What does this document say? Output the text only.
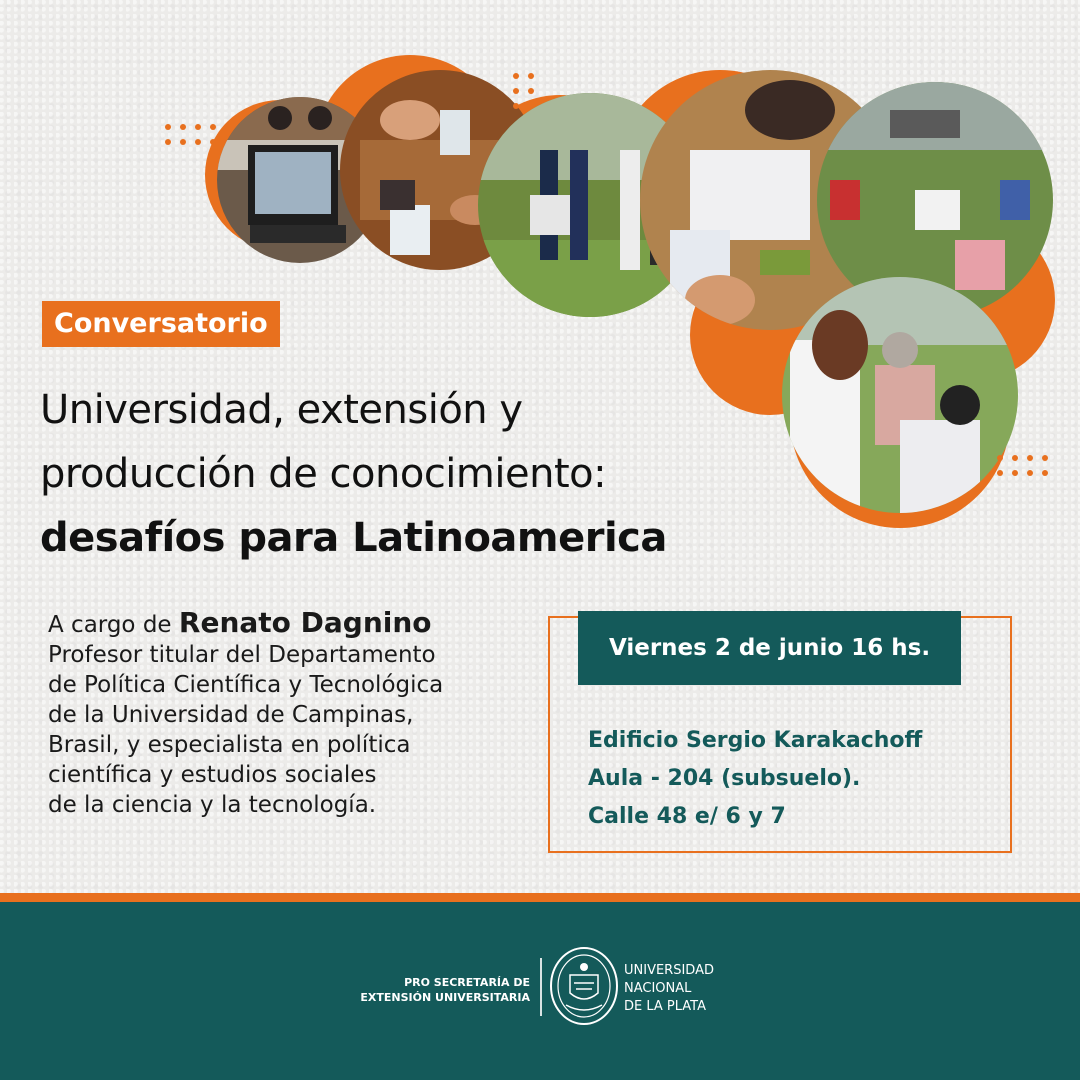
Conversatorio
Universidad, extensión y
producción de conocimiento:
desafíos para Latinoamerica
A cargo de Renato Dagnino
Profesor titular del Departamento
de Política Científica y Tecnológica
de la Universidad de Campinas,
Brasil, y especialista en política
científica y estudios sociales
de la ciencia y la tecnología.
Viernes 2 de junio 16 hs.
Edificio Sergio Karakachoff
Aula - 204 (subsuelo).
Calle 48 e/ 6 y 7
PRO SECRETARÍA DE
EXTENSIÓN UNIVERSITARIA
UNIVERSIDAD
NACIONAL
DE LA PLATA
